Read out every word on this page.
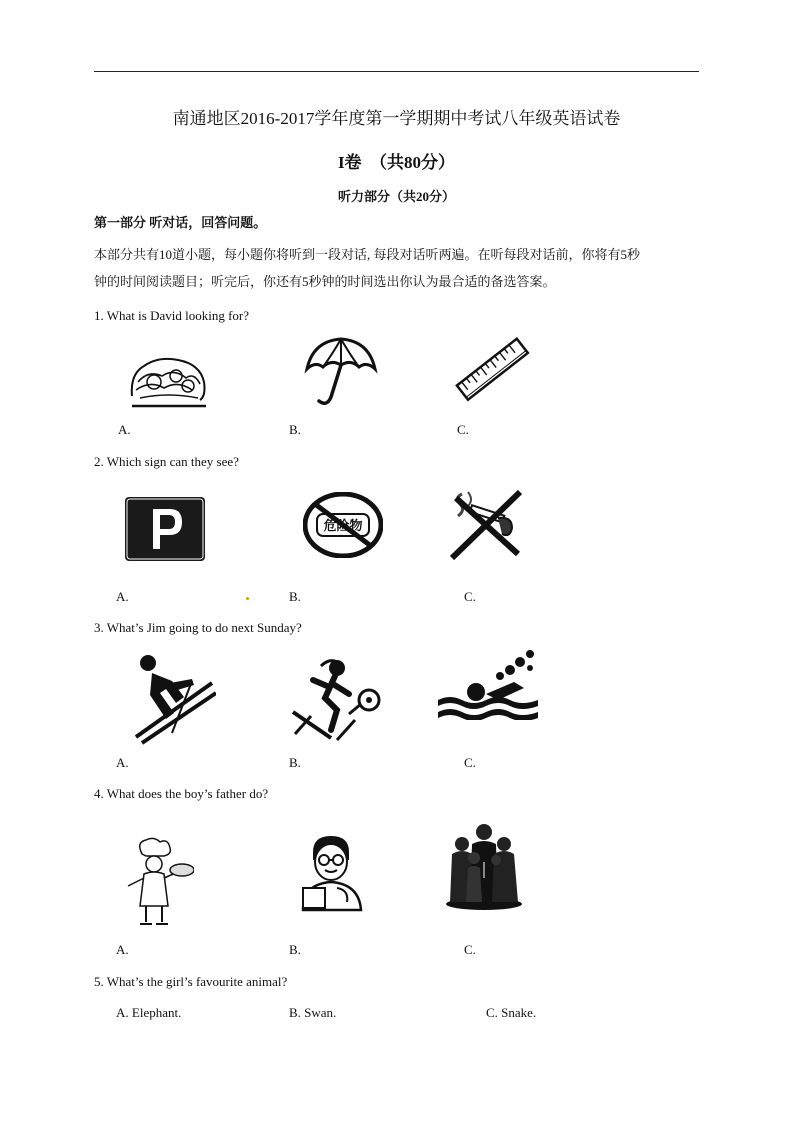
南通地区2016-2017学年度第一学期期中考试八年级英语试卷
I卷　（共80分）
听力部分（共20分）
第一部分 听对话，回答问题。
本部分共有10道小题，每小题你将听到一段对话, 每段对话听两遍。在听每段对话前，你将有5秒
钟的时间阅读题目；听完后，你还有5秒钟的时间选出你认为最合适的备选答案。
1. What is David looking for?
A.	B.	C.
2. Which sign can they see?
危险物
A.	B.	C.
3. What’s Jim going to do next Sunday?
A.	B.	C.
4. What does the boy’s father do?
A.	B.	C.
5. What’s the girl’s favourite animal?
A. Elephant.	B. Swan.	C. Snake.
